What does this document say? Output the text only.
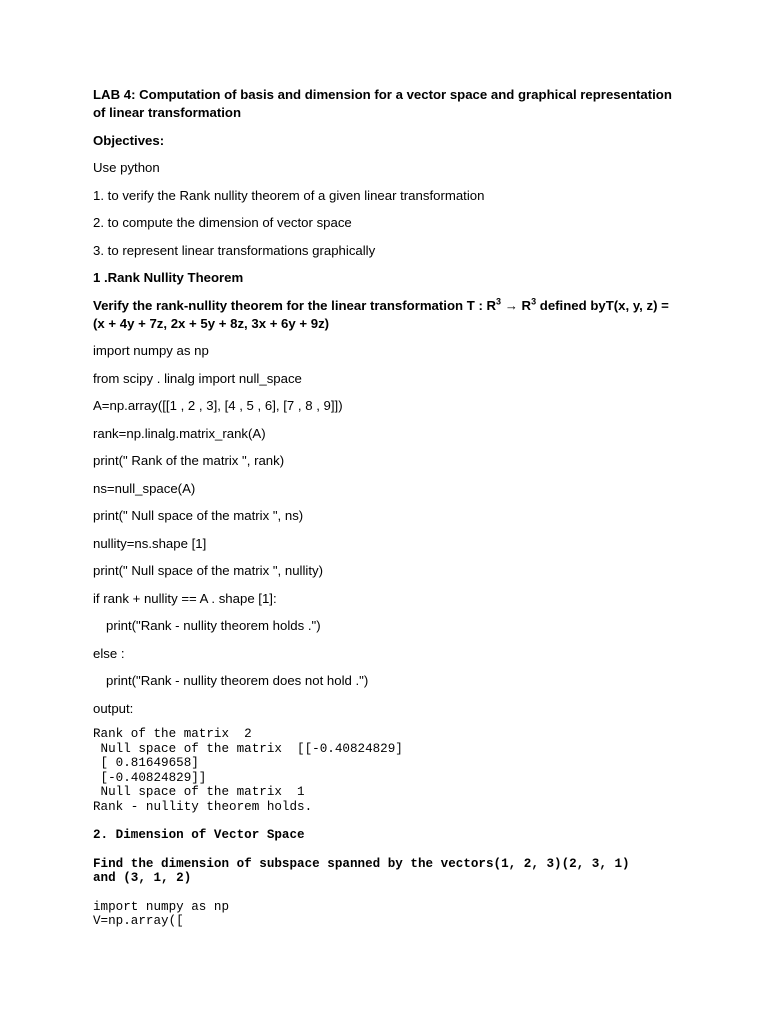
LAB 4: Computation of basis and dimension for a vector space and graphical representation of linear transformation
Objectives:
Use python
1. to verify the Rank nullity theorem of a given linear transformation
2. to compute the dimension of vector space
3. to represent linear transformations graphically
1 .Rank Nullity Theorem
Verify the rank-nullity theorem for the linear transformation T : $R^3 \to R^3$ defined byT(x, y, z) = (x + 4y + 7z, 2x + 5y + 8z, 3x + 6y + 9z)
import numpy as np
from scipy . linalg import null_space
A=np.array([[1 , 2 , 3], [4 , 5 , 6], [7 , 8 , 9]])
rank=np.linalg.matrix_rank(A)
print(" Rank of the matrix ", rank)
ns=null_space(A)
print(" Null space of the matrix ", ns)
nullity=ns.shape [1]
print(" Null space of the matrix ", nullity)
if rank + nullity == A . shape [1]:
print("Rank - nullity theorem holds .")
else :
print("Rank - nullity theorem does not hold .")
output:
Rank of the matrix  2
Null space of the matrix  [[-0.40824829]
[ 0.81649658]
[-0.40824829]]
Null space of the matrix  1
Rank - nullity theorem holds.
2. Dimension of Vector Space
Find the dimension of subspace spanned by the vectors(1, 2, 3)(2, 3, 1)
and (3, 1, 2)
import numpy as np
V=np.array([
